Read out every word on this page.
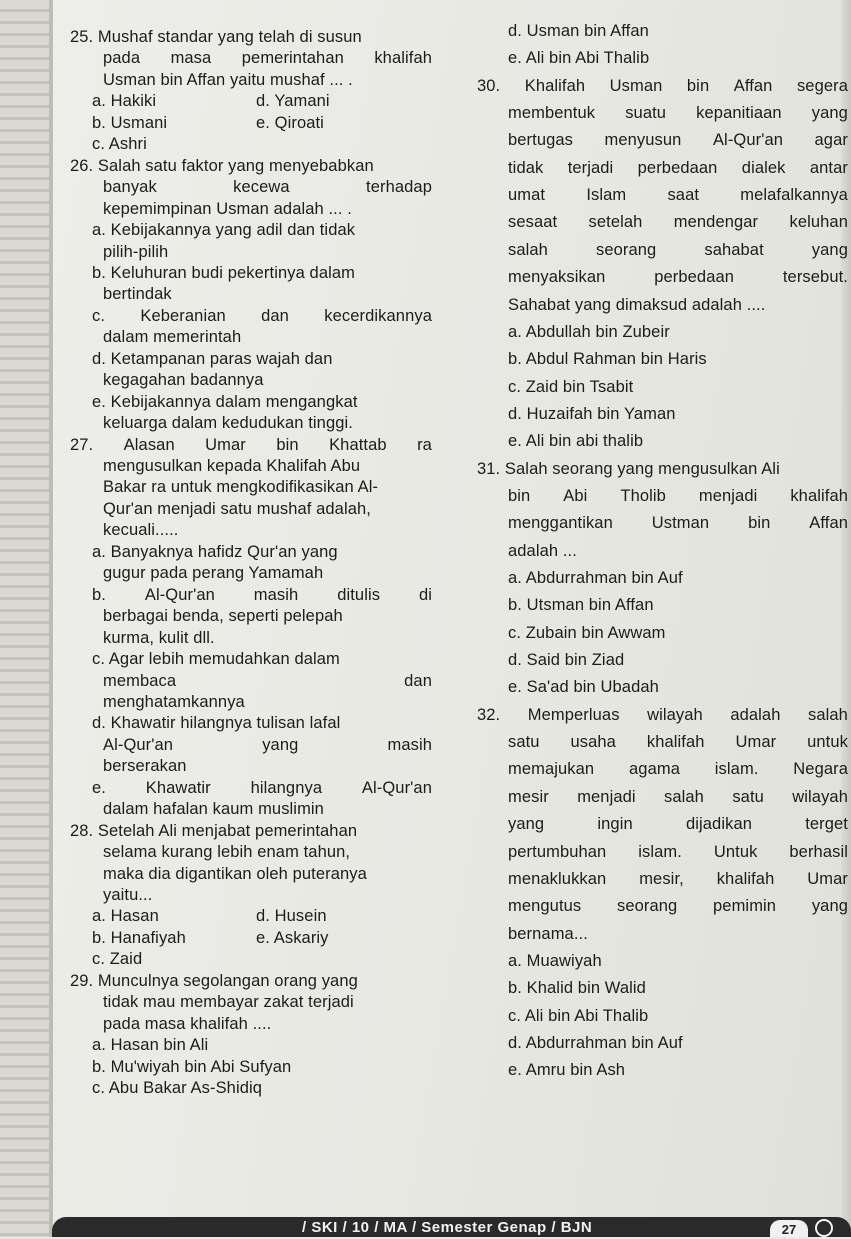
25. Mushaf standar yang telah di susun
pada masa pemerintahan khalifah
Usman bin Affan yaitu mushaf ... .
a. Hakiki	d. Yamani
b. Usmani	e. Qiroati
c. Ashri
26. Salah satu faktor yang menyebabkan
banyak	kecewa	terhadap
kepemimpinan Usman adalah ... .
a. Kebijakannya yang adil dan tidak
pilih-pilih
b. Keluhuran budi pekertinya dalam
bertindak
c. Keberanian dan kecerdikannya
dalam memerintah
d. Ketampanan paras wajah dan
kegagahan badannya
e. Kebijakannya dalam mengangkat
keluarga dalam kedudukan tinggi.
27. Alasan Umar bin Khattab ra
mengusulkan kepada Khalifah Abu
Bakar ra untuk mengkodifikasikan Al-
Qur'an menjadi satu mushaf adalah,
kecuali.....
a. Banyaknya hafidz Qur'an yang
gugur pada perang Yamamah
b. Al-Qur'an masih ditulis di
berbagai benda, seperti pelepah
kurma, kulit dll.
c. Agar lebih memudahkan dalam
membaca	dan
menghatamkannya
d. Khawatir hilangnya tulisan lafal
Al-Qur'an	yang	masih
berserakan
e. Khawatir hilangnya Al-Qur'an
dalam hafalan kaum muslimin
28. Setelah Ali menjabat pemerintahan
selama kurang lebih enam tahun,
maka dia digantikan oleh puteranya
yaitu...
a. Hasan	d. Husein
b. Hanafiyah	e. Askariy
c. Zaid
29. Munculnya segolangan orang yang
tidak mau membayar zakat terjadi
pada masa khalifah ....
a. Hasan bin Ali
b. Mu'wiyah bin Abi Sufyan
c. Abu Bakar As-Shidiq
d. Usman bin Affan
e. Ali bin Abi Thalib
30. Khalifah Usman bin Affan segera
membentuk suatu kepanitiaan yang
bertugas menyusun Al-Qur'an agar
tidak terjadi perbedaan dialek antar
umat Islam saat melafalkannya
sesaat setelah mendengar keluhan
salah	seorang	sahabat	yang
menyaksikan	perbedaan	tersebut.
Sahabat yang dimaksud adalah ....
a. Abdullah bin Zubeir
b. Abdul Rahman bin Haris
c. Zaid bin Tsabit
d. Huzaifah bin Yaman
e. Ali bin abi thalib
31. Salah seorang yang mengusulkan Ali
bin Abi Tholib menjadi khalifah
menggantikan Ustman bin Affan
adalah ...
a. Abdurrahman bin Auf
b. Utsman bin Affan
c. Zubain bin Awwam
d. Said bin Ziad
e. Sa'ad bin Ubadah
32. Memperluas wilayah adalah salah
satu usaha khalifah Umar untuk
memajukan agama islam. Negara
mesir menjadi salah satu wilayah
yang	ingin	dijadikan	terget
pertumbuhan islam. Untuk berhasil
menaklukkan mesir, khalifah Umar
mengutus seorang pemimin yang
bernama...
a. Muawiyah
b. Khalid bin Walid
c. Ali bin Abi Thalib
d. Abdurrahman bin Auf
e. Amru bin Ash
/ SKI / 10 / MA / Semester Genap / BJN	27
